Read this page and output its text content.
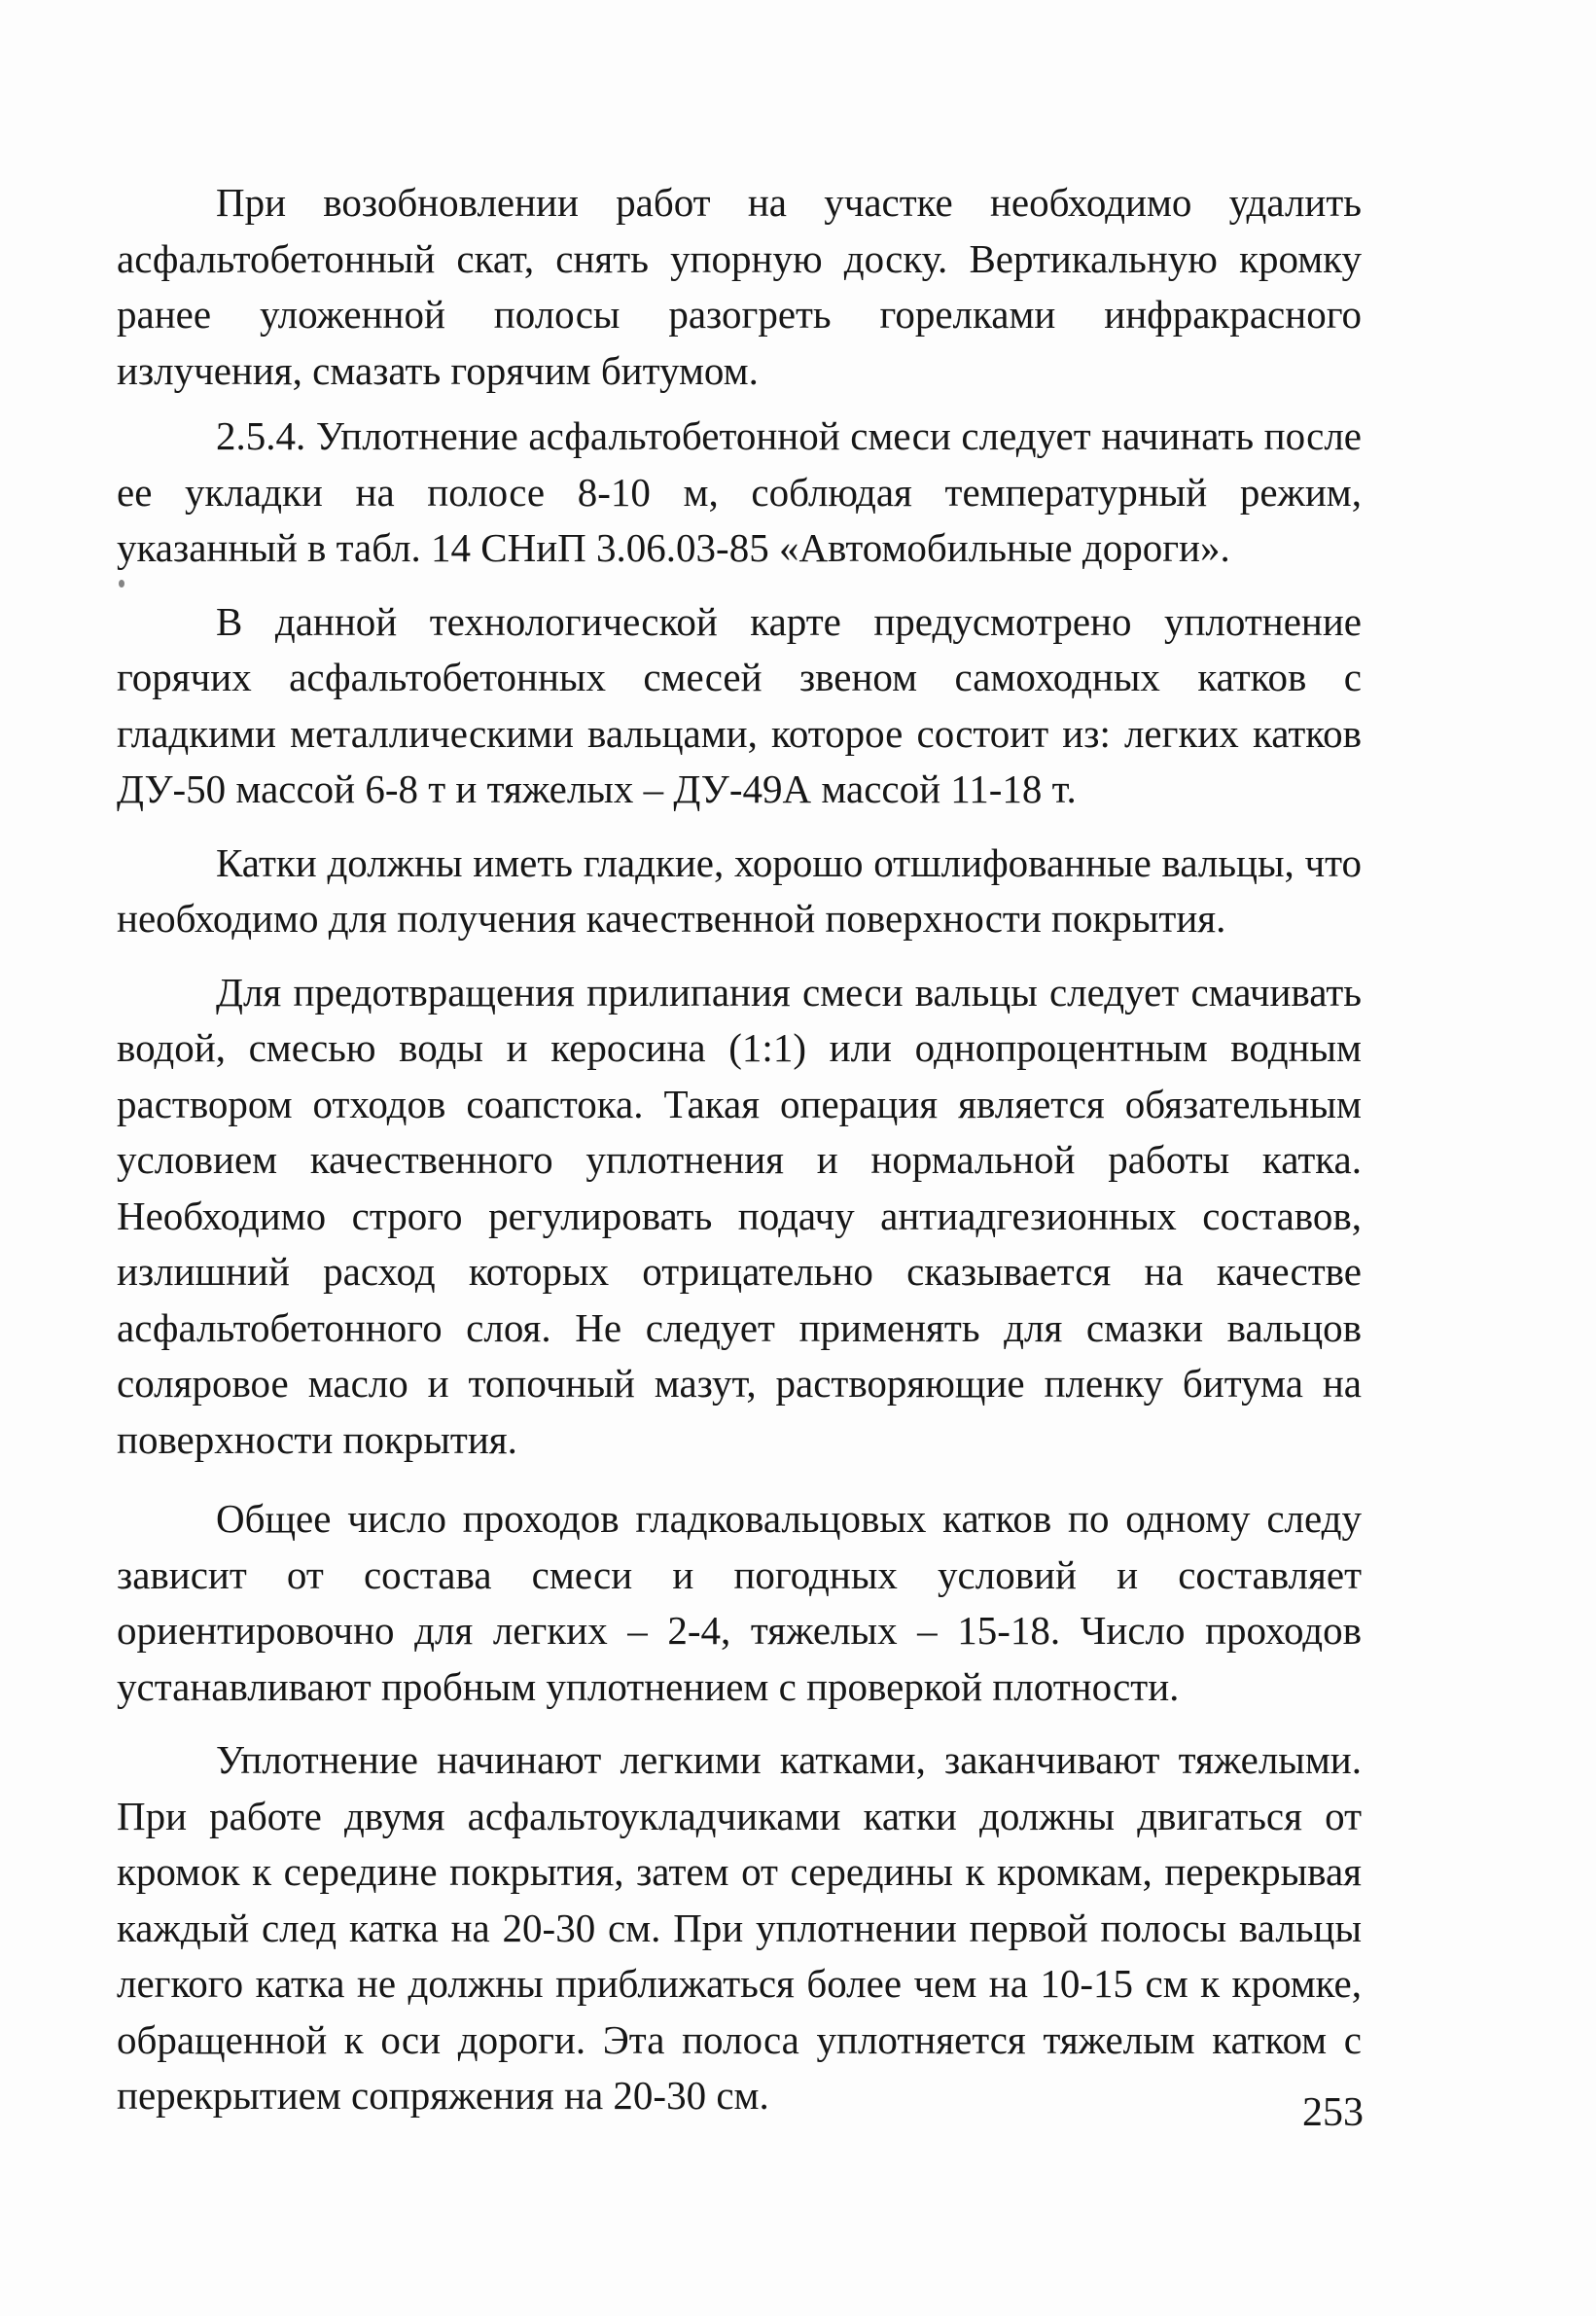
При возобновлении работ на участке необходимо удалить асфальтобетонный скат, снять упорную доску. Вертикальную кромку ранее уложенной полосы разогреть горелками инфракрасного излучения, смазать горячим битумом.

2.5.4. Уплотнение асфальтобетонной смеси следует начинать после ее укладки на полосе 8-10 м, соблюдая температурный режим, указанный в табл. 14 СНиП 3.06.03-85 «Автомобильные дороги».

В данной технологической карте предусмотрено уплотнение горячих асфальтобетонных смесей звеном самоходных катков с гладкими металлическими вальцами, которое состоит из: легких катков ДУ-50 массой 6-8 т и тяжелых – ДУ-49А массой 11-18 т.

Катки должны иметь гладкие, хорошо отшлифованные вальцы, что необходимо для получения качественной поверхности покрытия.

Для предотвращения прилипания смеси вальцы следует смачивать водой, смесью воды и керосина (1:1) или однопроцентным водным раствором отходов соапстока. Такая операция является обязательным условием качественного уплотнения и нормальной работы катка. Необходимо строго регулировать подачу антиадгезионных составов, излишний расход которых отрицательно сказывается на качестве асфальтобетонного слоя. Не следует применять для смазки вальцов соляровое масло и топочный мазут, растворяющие пленку битума на поверхности покрытия.

Общее число проходов гладковальцовых катков по одному следу зависит от состава смеси и погодных условий и составляет ориентировочно для легких – 2-4, тяжелых – 15-18. Число проходов устанавливают пробным уплотнением с проверкой плотности.

Уплотнение начинают легкими катками, заканчивают тяжелыми. При работе двумя асфальтоукладчиками катки должны двигаться от кромок к середине покрытия, затем от середины к кромкам, перекрывая каждый след катка на 20-30 см. При уплотнении первой полосы вальцы легкого катка не должны приближаться более чем на 10-15 см к кромке, обращенной к оси дороги. Эта полоса уплотняется тяжелым катком с перекрытием сопряжения на 20-30 см.	253
